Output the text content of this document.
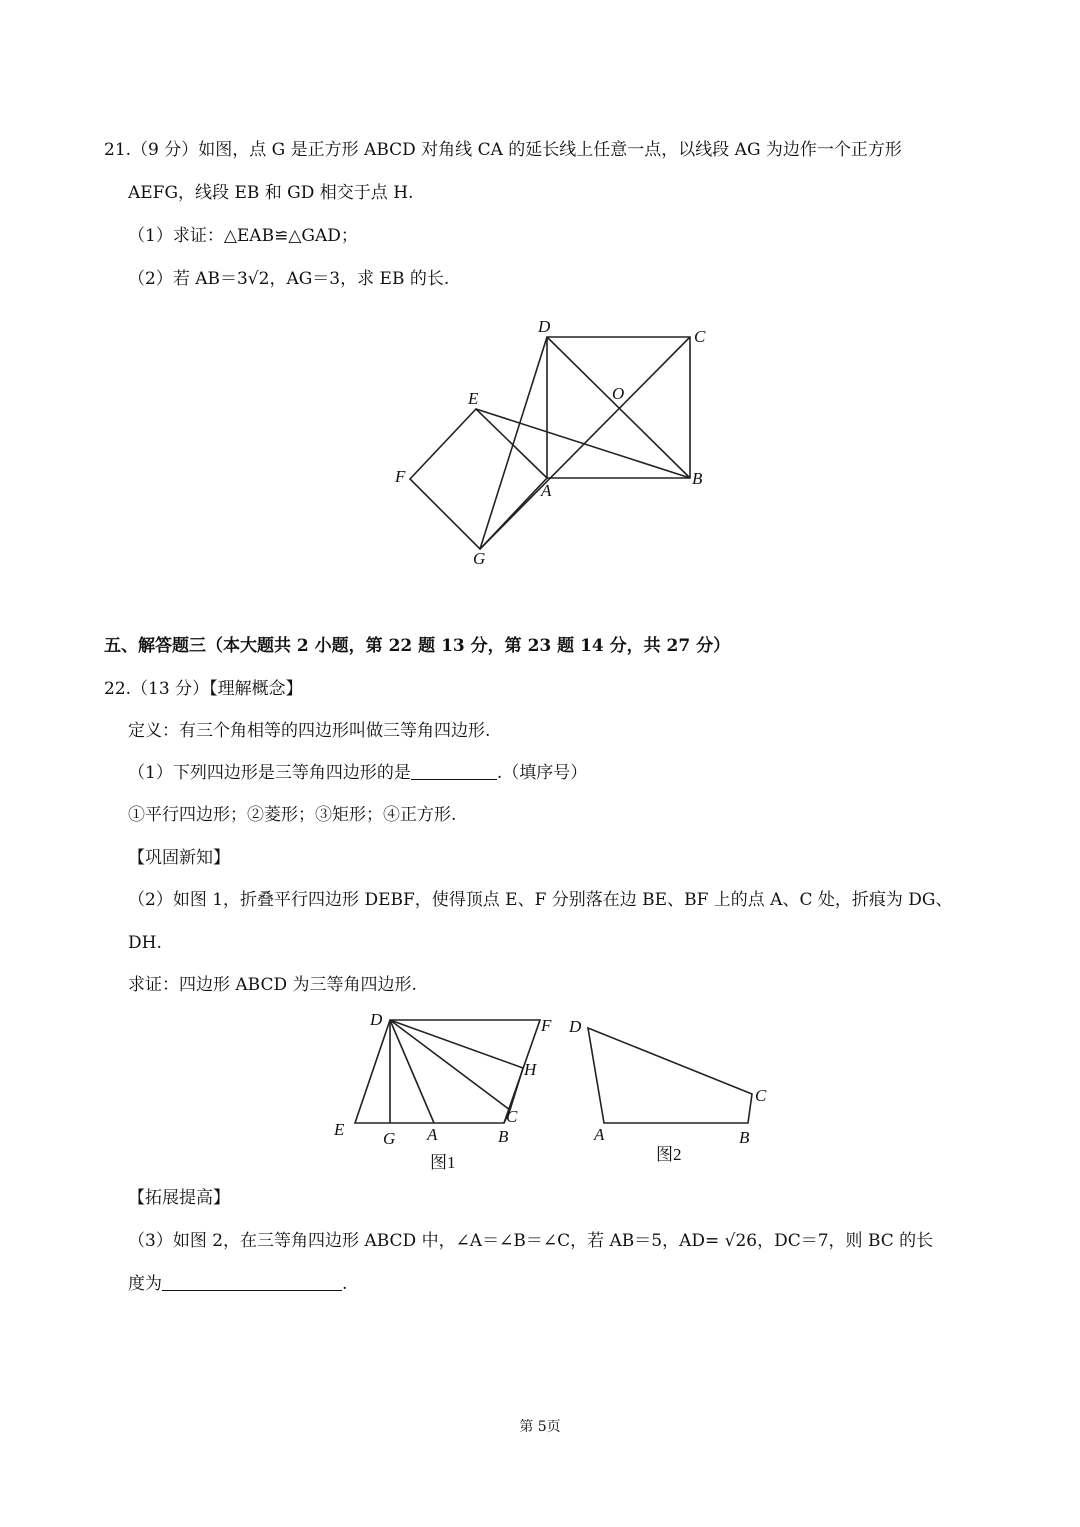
21.（9 分）如图，点 G 是正方形 ABCD 对角线 CA 的延长线上任意一点，以线段 AG 为边作一个正方形
AEFG，线段 EB 和 GD 相交于点 H.
（1）求证：△EAB≌△GAD；
（2）若 AB＝3√2，AG＝3，求 EB 的长.
D
C
O
E
F
A
B
G
五、解答题三（本大题共 2 小题，第 22 题 13 分，第 23 题 14 分，共 27 分）
22.（13 分）【理解概念】
定义：有三个角相等的四边形叫做三等角四边形.
（1）下列四边形是三等角四边形的是	.（填序号）
①平行四边形；②菱形；③矩形；④正方形.
【巩固新知】
（2）如图 1，折叠平行四边形 DEBF，使得顶点 E、F 分别落在边 BE、BF 上的点 A、C 处，折痕为 DG、
DH.
求证：四边形 ABCD 为三等角四边形.
D	F
H
C
E G A	B
图1
D
C
A	B
图2
【拓展提高】
（3）如图 2，在三等角四边形 ABCD 中，∠A＝∠B＝∠C，若 AB＝5，AD= √26，DC＝7，则 BC 的长
度为	.
第 5页
